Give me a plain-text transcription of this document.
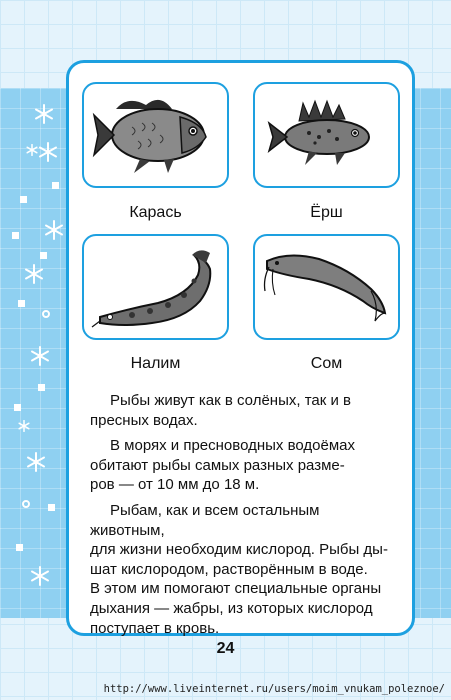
Карась	Ёрш
Налим	Сом

Рыбы живут как в солёных, так и в
пресных водах.

В морях и пресноводных водоёмах
обитают рыбы самых разных разме-
ров — от 10 мм до 18 м.

Рыбам, как и всем остальным животным,
для жизни необходим кислород. Рыбы ды-
шат кислородом, растворённым в воде.
В этом им помогают специальные органы
дыхания — жабры, из которых кислород
поступает в кровь.

24
http://www.liveinternet.ru/users/moim_vnukam_poleznoe/
